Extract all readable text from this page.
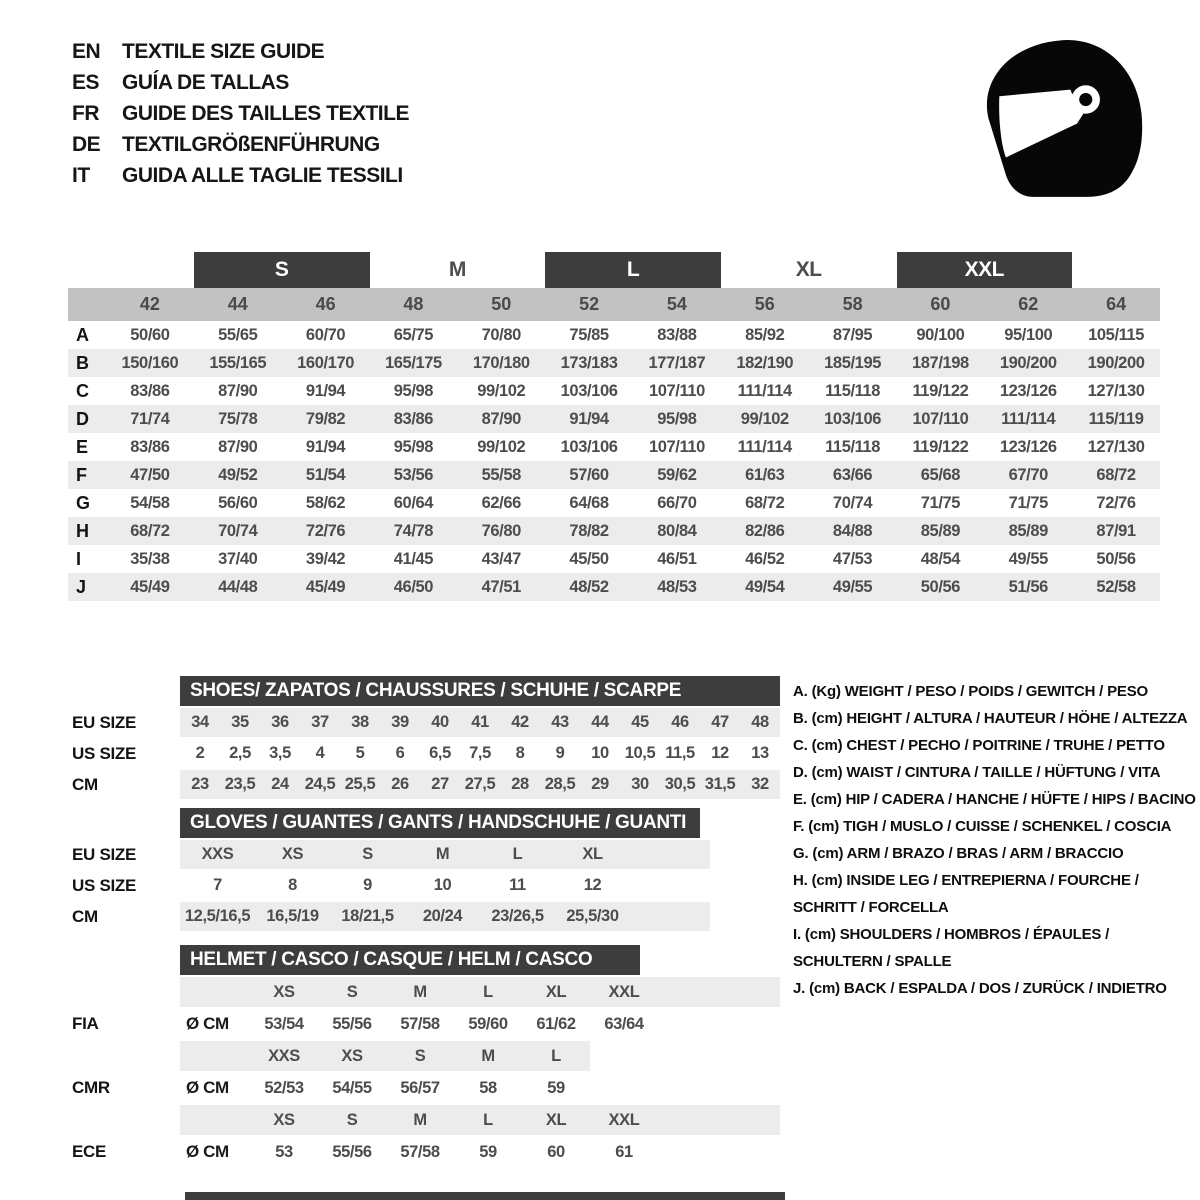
EN	TEXTILE SIZE GUIDE
ES	GUÍA DE TALLAS
FR	GUIDE DES TAILLES TEXTILE
DE	TEXTILGRÖßENFÜHRUNG
IT	GUIDA ALLE TAGLIE TESSILI
S	M	L	XL	XXL
42	44	46	48	50	52	54	56	58	60	62	64
A	50/60	55/65	60/70	65/75	70/80	75/85	83/88	85/92	87/95	90/100	95/100	105/115
B	150/160	155/165	160/170	165/175	170/180	173/183	177/187	182/190	185/195	187/198	190/200	190/200
C	83/86	87/90	91/94	95/98	99/102	103/106	107/110	111/114	115/118	119/122	123/126	127/130
D	71/74	75/78	79/82	83/86	87/90	91/94	95/98	99/102	103/106	107/110	111/114	115/119
E	83/86	87/90	91/94	95/98	99/102	103/106	107/110	111/114	115/118	119/122	123/126	127/130
F	47/50	49/52	51/54	53/56	55/58	57/60	59/62	61/63	63/66	65/68	67/70	68/72
G	54/58	56/60	58/62	60/64	62/66	64/68	66/70	68/72	70/74	71/75	71/75	72/76
H	68/72	70/74	72/76	74/78	76/80	78/82	80/84	82/86	84/88	85/89	85/89	87/91
I	35/38	37/40	39/42	41/45	43/47	45/50	46/51	46/52	47/53	48/54	49/55	50/56
J	45/49	44/48	45/49	46/50	47/51	48/52	48/53	49/54	49/55	50/56	51/56	52/58
SHOES/ ZAPATOS / CHAUSSURES / SCHUHE / SCARPE
EU SIZE	34	35	36	37	38	39	40	41	42	43	44	45	46	47	48
US SIZE	2	2,5	3,5	4	5	6	6,5	7,5	8	9	10 10,5 11,5 12	13
CM	23 23,5 24 24,5 25,5 26	27 27,5 28 28,5 29	30 30,5 31,5 32
GLOVES / GUANTES / GANTS / HANDSCHUHE / GUANTI
EU SIZE	XXS	XS	S	M	L	XL
US SIZE	7	8	9	10	11	12
CM	12,5/16,5 16,5/19	18/21,5	20/24	23/26,5	25,5/30
HELMET / CASCO / CASQUE / HELM / CASCO
XS	S	M	L	XL	XXL
FIA	Ø CM	53/54	55/56	57/58	59/60	61/62	63/64
XXS	XS	S	M	L
CMR	Ø CM	52/53	54/55	56/57	58	59
XS	S	M	L	XL	XXL
ECE	Ø CM	53	55/56	57/58	59	60	61
A. (Kg) WEIGHT / PESO / POIDS / GEWITCH / PESO
B. (cm) HEIGHT / ALTURA / HAUTEUR / HÖHE / ALTEZZA
C. (cm) CHEST / PECHO / POITRINE / TRUHE / PETTO
D. (cm) WAIST / CINTURA / TAILLE / HÜFTUNG / VITA
E. (cm) HIP / CADERA / HANCHE / HÜFTE / HIPS / BACINO
F. (cm) TIGH / MUSLO / CUISSE / SCHENKEL / COSCIA
G. (cm) ARM / BRAZO / BRAS / ARM / BRACCIO
H. (cm) INSIDE LEG / ENTREPIERNA / FOURCHE / SCHRITT / FORCELLA
I. (cm) SHOULDERS / HOMBROS / ÉPAULES / SCHULTERN / SPALLE
J. (cm) BACK / ESPALDA / DOS / ZURÜCK / INDIETRO
